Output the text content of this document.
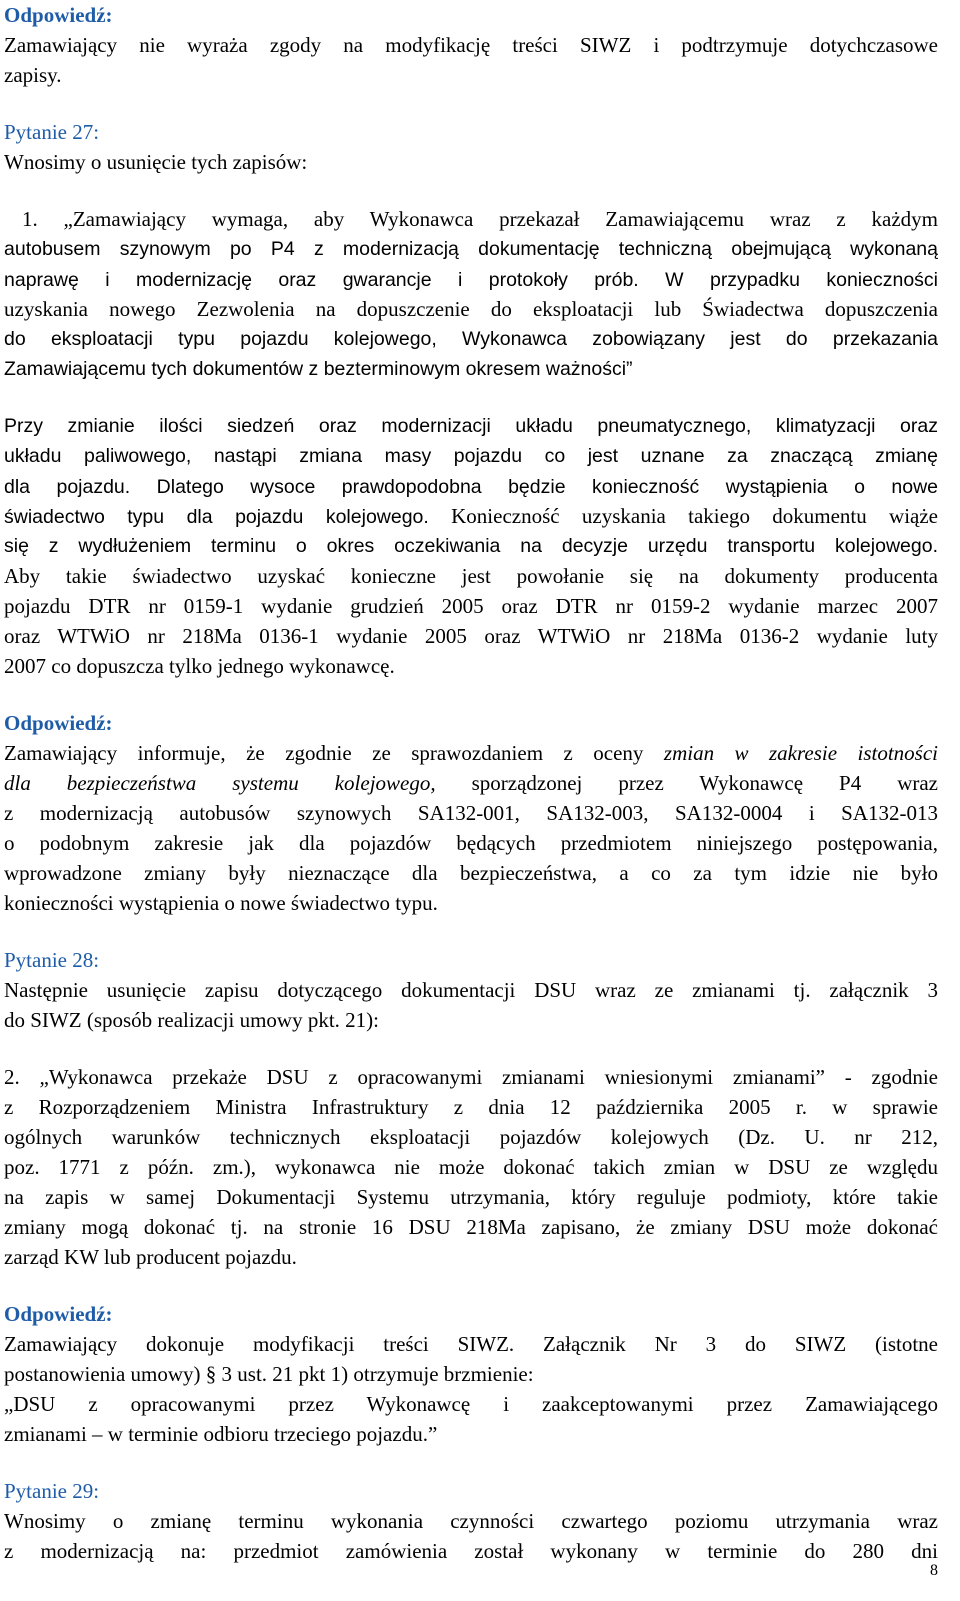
Odpowiedź:
Zamawiający nie wyraża zgody na modyfikację treści SIWZ i podtrzymuje dotychczasowe
zapisy.
Pytanie 27:
Wnosimy o usunięcie tych zapisów:
1. „Zamawiający wymaga, aby Wykonawca przekazał Zamawiającemu wraz z każdym
autobusem szynowym po P4 z modernizacją dokumentację techniczną obejmującą wykonaną
naprawę i modernizację oraz gwarancje i protokoły prób. W przypadku konieczności
uzyskania nowego Zezwolenia na dopuszczenie do eksploatacji lub Świadectwa dopuszczenia
do eksploatacji typu pojazdu kolejowego, Wykonawca zobowiązany jest do przekazania
Zamawiającemu tych dokumentów z bezterminowym okresem ważności”
Przy zmianie ilości siedzeń oraz modernizacji układu pneumatycznego, klimatyzacji oraz
układu paliwowego, nastąpi zmiana masy pojazdu co jest uznane za znaczącą zmianę
dla pojazdu. Dlatego wysoce prawdopodobna będzie konieczność wystąpienia o nowe
świadectwo typu dla pojazdu kolejowego. Konieczność uzyskania takiego dokumentu wiąże
się z wydłużeniem terminu o okres oczekiwania na decyzje urzędu transportu kolejowego.
Aby takie świadectwo uzyskać konieczne jest powołanie się na dokumenty producenta
pojazdu DTR nr 0159-1 wydanie grudzień 2005 oraz DTR nr 0159-2 wydanie marzec 2007
oraz WTWiO nr 218Ma 0136-1 wydanie 2005 oraz WTWiO nr 218Ma 0136-2 wydanie luty
2007 co dopuszcza tylko jednego wykonawcę.
Odpowiedź:
Zamawiający informuje, że zgodnie ze sprawozdaniem z oceny zmian w zakresie istotności
dla bezpieczeństwa systemu kolejowego, sporządzonej przez Wykonawcę P4 wraz
z modernizacją autobusów szynowych SA132-001, SA132-003, SA132-0004 i SA132-013
o podobnym zakresie jak dla pojazdów będących przedmiotem niniejszego postępowania,
wprowadzone zmiany były nieznaczące dla bezpieczeństwa, a co za tym idzie nie było
konieczności wystąpienia o nowe świadectwo typu.
Pytanie 28:
Następnie usunięcie zapisu dotyczącego dokumentacji DSU wraz ze zmianami tj. załącznik 3
do SIWZ (sposób realizacji umowy pkt. 21):
2. „Wykonawca przekaże DSU z opracowanymi zmianami wniesionymi zmianami” - zgodnie
z Rozporządzeniem Ministra Infrastruktury z dnia 12 października 2005 r. w sprawie
ogólnych warunków technicznych eksploatacji pojazdów kolejowych (Dz. U. nr 212,
poz. 1771 z późn. zm.), wykonawca nie może dokonać takich zmian w DSU ze względu
na zapis w samej Dokumentacji Systemu utrzymania, który reguluje podmioty, które takie
zmiany mogą dokonać tj. na stronie 16 DSU 218Ma zapisano, że zmiany DSU może dokonać
zarząd KW lub producent pojazdu.
Odpowiedź:
Zamawiający dokonuje modyfikacji treści SIWZ. Załącznik Nr 3 do SIWZ (istotne
postanowienia umowy) § 3 ust. 21 pkt 1) otrzymuje brzmienie:
„DSU z opracowanymi przez Wykonawcę i zaakceptowanymi przez Zamawiającego
zmianami – w terminie odbioru trzeciego pojazdu.”
Pytanie 29:
Wnosimy o zmianę terminu wykonania czynności czwartego poziomu utrzymania wraz
z modernizacją na: przedmiot zamówienia został wykonany w terminie do 280 dni
8
